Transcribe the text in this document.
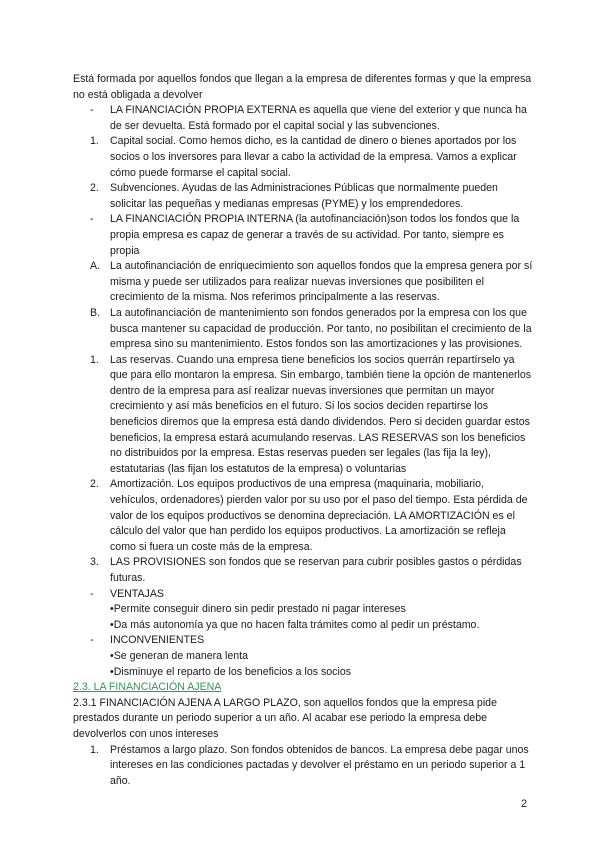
Está formada por aquellos fondos que llegan a la empresa de diferentes formas y que la empresa no está obligada a devolver

- LA FINANCIACIÓN PROPIA EXTERNA es aquella que viene del exterior y que nunca ha de ser devuelta. Está formado por el capital social y las subvenciones.
1. Capital social. Como hemos dicho, es la cantidad de dinero o bienes aportados por los socios o los inversores para llevar a cabo la actividad de la empresa. Vamos a explicar cómo puede formarse el capital social.
2. Subvenciones. Ayudas de las Administraciones Públicas que normalmente pueden solicitar las pequeñas y medianas empresas (PYME) y los emprendedores.
- LA FINANCIACIÓN PROPIA INTERNA (la autofinanciación)son todos los fondos que la propia empresa es capaz de generar a través de su actividad. Por tanto, siempre es propia
A. La autofinanciación de enriquecimiento son aquellos fondos que la empresa genera por sí misma y puede ser utilizados para realizar nuevas inversiones que posibiliten el crecimiento de la misma. Nos referimos principalmente a las reservas.
B. La autofinanciación de mantenimiento son fondos generados por la empresa con los que busca mantener su capacidad de producción. Por tanto, no posibilitan el crecimiento de la empresa sino su mantenimiento. Estos fondos son las amortizaciones y las provisiones.
1. Las reservas. Cuando una empresa tiene beneficios los socios querrán repartírselo ya que para ello montaron la empresa. Sin embargo, también tiene la opción de mantenerlos dentro de la empresa para así realizar nuevas inversiones que permitan un mayor crecimiento y así más beneficios en el futuro. Si los socios deciden repartirse los beneficios diremos que la empresa está dando dividendos. Pero si deciden guardar estos beneficios, la empresa estará acumulando reservas. LAS RESERVAS son los beneficios no distribuidos por la empresa. Estas reservas pueden ser legales (las fija la ley), estatutarias (las fijan los estatutos de la empresa) o voluntarias
2. Amortización. Los equipos productivos de una empresa (maquinaria, mobiliario, vehículos, ordenadores) pierden valor por su uso por el paso del tiempo. Esta pérdida de valor de los equipos productivos se denomina depreciación. LA AMORTIZACIÓN es el cálculo del valor que han perdido los equipos productivos. La amortización se refleja como si fuera un coste más de la empresa.
3. LAS PROVISIONES son fondos que se reservan para cubrir posibles gastos o pérdidas futuras.
- VENTAJAS

•Permite conseguir dinero sin pedir prestado ni pagar intereses

•Da más autonomía ya que no hacen falta trámites como al pedir un préstamo.

- INCONVENIENTES

•Se generan de manera lenta

•Disminuye el reparto de los beneficios a los socios

2.3. LA FINANCIACIÓN AJENA

2.3.1 FINANCIACIÓN AJENA A LARGO PLAZO, son aquellos fondos que la empresa pide prestados durante un periodo superior a un año. Al acabar ese periodo la empresa debe devolverlos con unos intereses

1. Préstamos a largo plazo. Son fondos obtenidos de bancos. La empresa debe pagar unos intereses en las condiciones pactadas y devolver el préstamo en un periodo superior a 1 año.
2
